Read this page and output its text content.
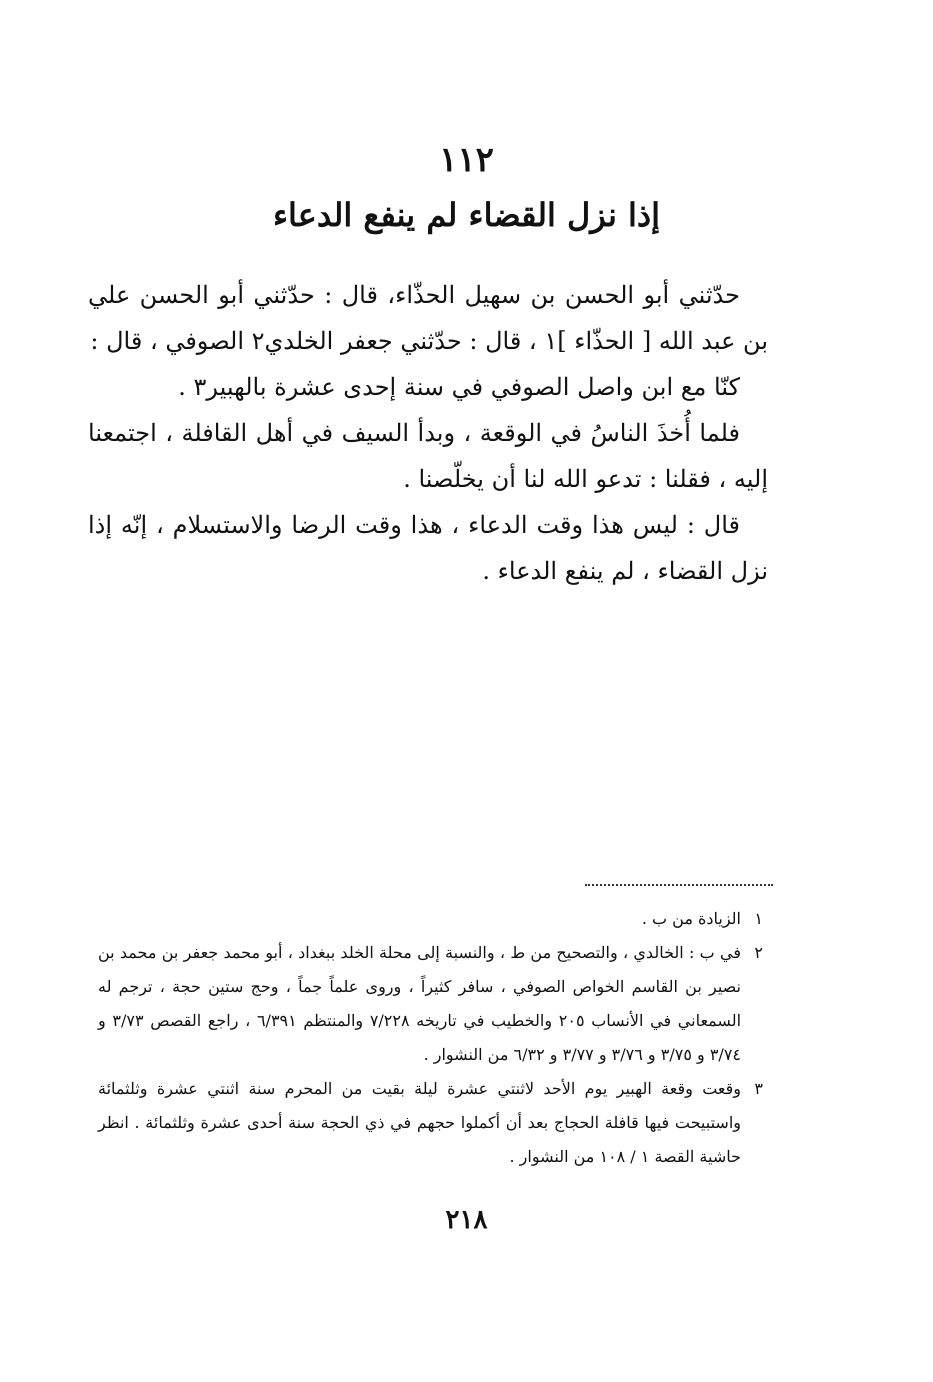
١١٢
إذا نزل القضاء لم ينفع الدعاء

حدّثني أبو الحسن بن سهيل الحذّاء، قال : حدّثني أبو الحسن علي بن عبد الله [ الحذّاء ]١ ، قال : حدّثني جعفر الخلدي٢ الصوفي ، قال :

كنّا مع ابن واصل الصوفي في سنة إحدى عشرة بالهبير٣ .

فلما أُخذَ الناسُ في الوقعة ، وبدأ السيف في أهل القافلة ، اجتمعنا إليه ، فقلنا : تدعو الله لنا أن يخلّصنا .

قال : ليس هذا وقت الدعاء ، هذا وقت الرضا والاستسلام ، إنّه إذا نزل القضاء ، لم ينفع الدعاء .

١
الزيادة من ب .
٢
في ب : الخالدي ، والتصحيح من ط ، والنسبة إلى محلة الخلد ببغداد ، أبو محمد جعفر بن محمد بن نصير بن القاسم الخواص الصوفي ، سافر كثيراً ، وروى علماً جماً ، وحج ستين حجة ، ترجم له السمعاني في الأنساب ٢٠٥ والخطيب في تاريخه ٧/٢٢٨ والمنتظم ٦/٣٩١ ، راجع القصص ٣/٧٣ و ٣/٧٤ و ٣/٧٥ و ٣/٧٦ و ٣/٧٧ و ٦/٣٢ من النشوار .
٣
وقعت وقعة الهبير يوم الأحد لاثنتي عشرة ليلة بقيت من المحرم سنة اثنتي عشرة وثلثمائة واستبيحت فيها قافلة الحجاج بعد أن أكملوا حجهم في ذي الحجة سنة أحدى عشرة وثلثمائة . انظر حاشية القصة ١ / ١٠٨ من النشوار .
٢١٨
